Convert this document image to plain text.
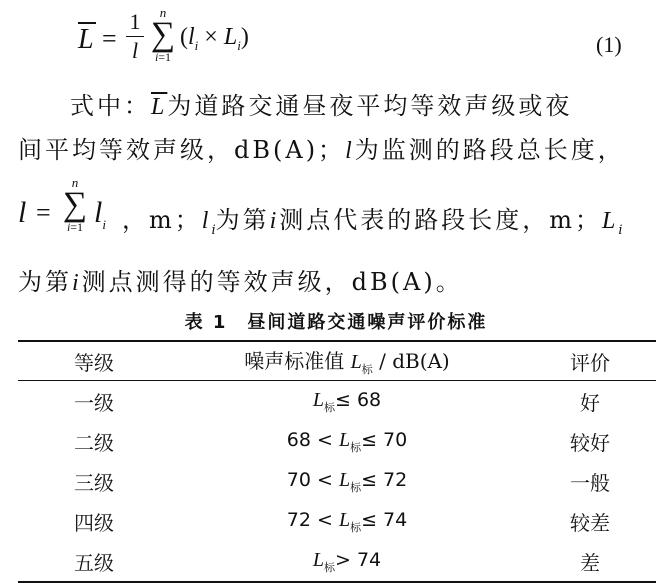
L =
1
l
n
∑
i=1
$(l_i \times L_i)$	(1)
式中：$\overline{L}$为道路交通昼夜平均等效声级或夜
间平均等效声级，dB(A)；l为监测的路段总长度，
l =
n
∑
i=1 $l_i$ ，m；$l_i$为第i测点代表的路段长度，m；$L_i$
为第i测点测得的等效声级，dB(A)。
表 1　昼间道路交通噪声评价标准
等级	噪声标准值 $L_标 / dB(A)$	评价
一级	$L_标\le 68$	好
二级	$68 < L_标\le 70$	较好
三级	$70 < L_标\le 72$	一般
四级	$72 < L_标\le 74$	较差
五级	$L_标> 74$	差
